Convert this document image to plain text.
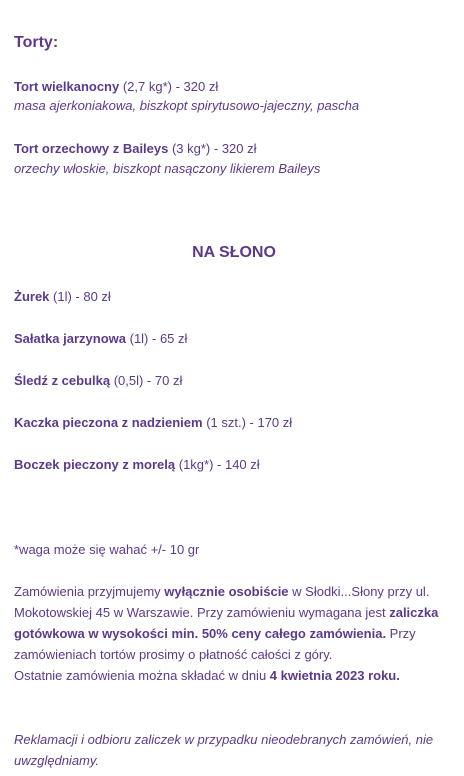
Torty:
Tort wielkanocny (2,7 kg*) - 320 zł
masa ajerkoniakowa, biszkopt spirytusowo-jajeczny, pascha
Tort orzechowy z Baileys (3 kg*) - 320 zł
orzechy włoskie, biszkopt nasączony likierem Baileys
NA SŁONO
Żurek (1l) - 80 zł
Sałatka jarzynowa (1l) - 65 zł
Śledź z cebulką (0,5l) - 70 zł
Kaczka pieczona z nadzieniem (1 szt.) - 170 zł
Boczek pieczony z morelą (1kg*) - 140 zł
*waga może się wahać +/- 10 gr
Zamówienia przyjmujemy wyłącznie osobiście w Słodki...Słony przy ul. Mokotowskiej 45 w Warszawie. Przy zamówieniu wymagana jest zaliczka gotówkowa w wysokości min. 50% ceny całego zamówienia. Przy zamówieniach tortów prosimy o płatność całości z góry.
Ostatnie zamówienia można składać w dniu 4 kwietnia 2023 roku.
Reklamacji i odbioru zaliczek w przypadku nieodebranych zamówień, nie uwzględniamy.
